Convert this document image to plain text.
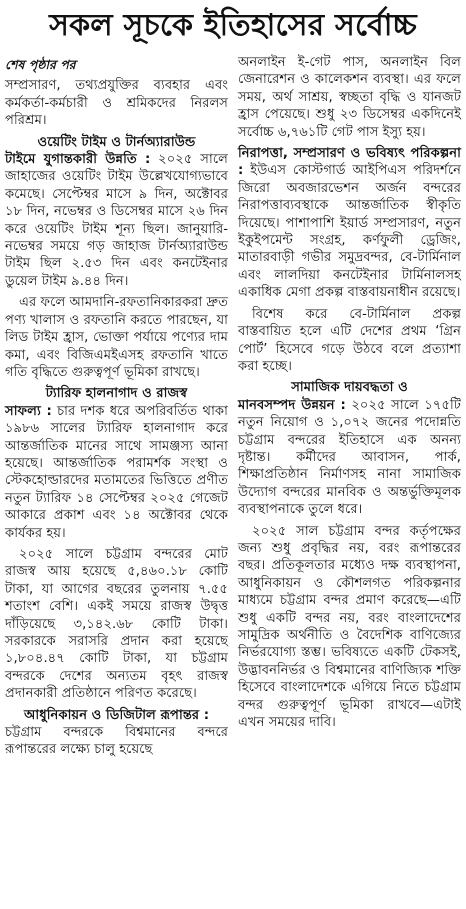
সকল সূচকে ইতিহাসের সর্বোচ্চ
শেষ পৃষ্ঠার পর

সম্প্রসারণ, তথ্যপ্রযুক্তির ব্যবহার এবং কর্মকর্তা-কর্মচারী ও শ্রমিকদের নিরলস পরিশ্রম।

ওয়েটিং টাইম ও টার্নঅ্যারাউন্ড

টাইমে যুগান্তকারী উন্নতি : ২০২৫ সালে জাহাজের ওয়েটিং টাইম উল্লেখযোগ্যভাবে কমেছে। সেপ্টেম্বর মাসে ৯ দিন, অক্টোবর ১৮ দিন, নভেম্বর ও ডিসেম্বর মাসে ২৬ দিন করে ওয়েটিং টাইম শূন্য ছিল। জানুয়ারি-নভেম্বর সময়ে গড় জাহাজ টার্নঅ্যারাউন্ড টাইম ছিল ২.৫৩ দিন এবং কনটেইনার ডুয়েল টাইম ৯.৪৪ দিন।

এর ফলে আমদানি-রফতানিকারকরা দ্রুত পণ্য খালাস ও রফতানি করতে পারছেন, যা লিড টাইম হ্রাস, ভোক্তা পর্যায়ে পণ্যের দাম কমা, এবং বিজিএমইএসহ রফতানি খাতে গতি বৃদ্ধিতে গুরুত্বপূর্ণ ভূমিকা রাখছে।

ট্যারিফ হালনাগাদ ও রাজস্ব

সাফল্য : চার দশক ধরে অপরিবর্তিত থাকা ১৯৮৬ সালের ট্যারিফ হালনাগাদ করে আন্তর্জাতিক মানের সাথে সামঞ্জস্য আনা হয়েছে। আন্তর্জাতিক পরামর্শক সংস্থা ও স্টেকহোল্ডারদের মতামতের ভিত্তিতে প্রণীত নতুন ট্যারিফ ১৪ সেপ্টেম্বর ২০২৫ গেজেট আকারে প্রকাশ এবং ১৪ অক্টোবর থেকে কার্যকর হয়।

২০২৫ সালে চট্টগ্রাম বন্দরের মোট রাজস্ব আয় হয়েছে ৫,৪৬০.১৮ কোটি টাকা, যা আগের বছরের তুলনায় ৭.৫৫ শতাংশ বেশি। একই সময়ে রাজস্ব উদ্বৃত্ত দাঁড়িয়েছে ৩,১৪২.৬৮ কোটি টাকা। সরকারকে সরাসরি প্রদান করা হয়েছে ১,৮০৪.৪৭ কোটি টাকা, যা চট্টগ্রাম বন্দরকে দেশের অন্যতম বৃহৎ রাজস্ব প্রদানকারী প্রতিষ্ঠানে পরিণত করেছে।

আধুনিকায়ন ও ডিজিটাল রূপান্তর :

চট্টগ্রাম বন্দরকে বিশ্বমানের বন্দরে রূপান্তরের লক্ষ্যে চালু হয়েছে

অনলাইন ই-গেট পাস, অনলাইন বিল জেনারেশন ও কালেকশন ব্যবস্থা। এর ফলে সময়, অর্থ সাশ্রয়, স্বচ্ছতা বৃদ্ধি ও যানজট হ্রাস পেয়েছে। শুধু ২৩ ডিসেম্বর একদিনেই সর্বোচ্চ ৬,৭৬১টি গেট পাস ইস্যু হয়।

নিরাপত্তা, সম্প্রসারণ ও ভবিষ্যৎ পরিকল্পনা : ইউএস কোস্টগার্ড আইপিএস পরিদর্শনে জিরো অবজারভেশন অর্জন বন্দরের নিরাপত্তাব্যবস্থাকে আন্তর্জাতিক স্বীকৃতি দিয়েছে। পাশাপাশি ইয়ার্ড সম্প্রসারণ, নতুন ইকুইপমেন্ট সংগ্রহ, কর্ণফুলী ড্রেজিং, মাতারবাড়ী গভীর সমুদ্রবন্দর, বে-টার্মিনাল এবং লালদিয়া কনটেইনার টার্মিনালসহ একাধিক মেগা প্রকল্প বাস্তবায়নাধীন রয়েছে।

বিশেষ করে বে-টার্মিনাল প্রকল্প বাস্তবায়িত হলে এটি দেশের প্রথম ‘গ্রিন পোর্ট’ হিসেবে গড়ে উঠবে বলে প্রত্যাশা করা হচ্ছে।

সামাজিক দায়বদ্ধতা ও

মানবসম্পদ উন্নয়ন : ২০২৫ সালে ১৭৫টি নতুন নিয়োগ ও ১,০৭২ জনের পদোন্নতি চট্টগ্রাম বন্দরের ইতিহাসে এক অনন্য দৃষ্টান্ত। কর্মীদের আবাসন, পার্ক, শিক্ষাপ্রতিষ্ঠান নির্মাণসহ নানা সামাজিক উদ্যোগ বন্দরের মানবিক ও অন্তর্ভুক্তিমূলক ব্যবস্থাপনাকে তুলে ধরে।

২০২৫ সাল চট্টগ্রাম বন্দর কর্তৃপক্ষের জন্য শুধু প্রবৃদ্ধির নয়, বরং রূপান্তরের বছর। প্রতিকূলতার মধ্যেও দক্ষ ব্যবস্থাপনা, আধুনিকায়ন ও কৌশলগত পরিকল্পনার মাধ্যমে চট্টগ্রাম বন্দর প্রমাণ করেছে—এটি শুধু একটি বন্দর নয়, বরং বাংলাদেশের সামুদ্রিক অর্থনীতি ও বৈদেশিক বাণিজ্যের নির্ভরযোগ্য স্তম্ভ। ভবিষ্যতে একটি টেকসই, উদ্ভাবননির্ভর ও বিশ্বমানের বাণিজ্যিক শক্তি হিসেবে বাংলাদেশকে এগিয়ে নিতে চট্টগ্রাম বন্দর গুরুত্বপূর্ণ ভূমিকা রাখবে—এটাই এখন সময়ের দাবি।
